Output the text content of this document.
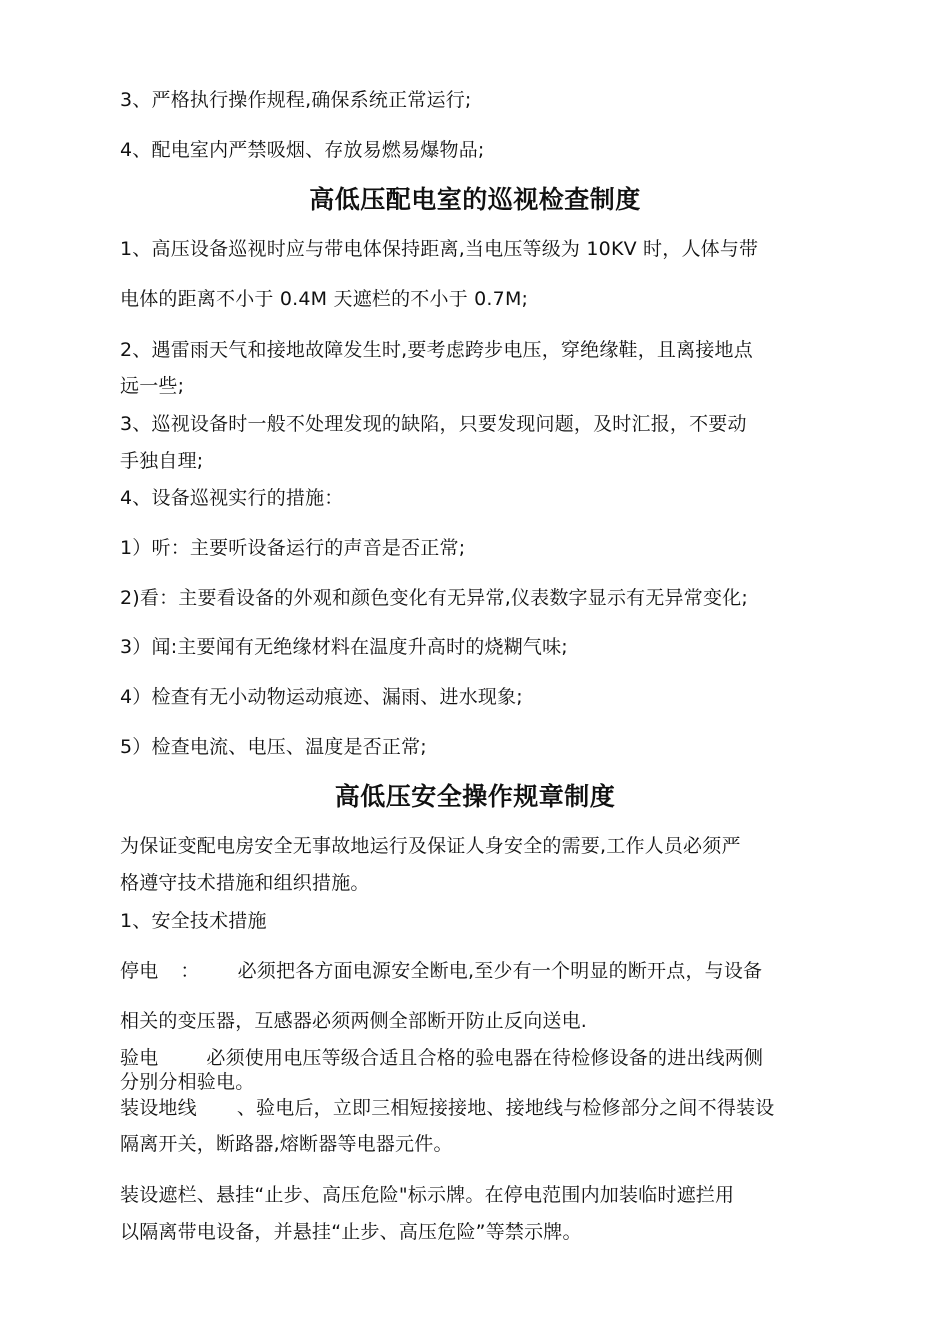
3、严格执行操作规程,确保系统正常运行;
4、配电室内严禁吸烟、存放易燃易爆物品;
高低压配电室的巡视检查制度
1、高压设备巡视时应与带电体保持距离,当电压等级为 10KV 时，人体与带
电体的距离不小于 0.4M 天遮栏的不小于 0.7M;
2、遇雷雨天气和接地故障发生时,要考虑跨步电压，穿绝缘鞋，且离接地点
远一些;
3、巡视设备时一般不处理发现的缺陷，只要发现问题，及时汇报，不要动
手独自理;
4、设备巡视实行的措施：
1）听：主要听设备运行的声音是否正常;
2)看：主要看设备的外观和颜色变化有无异常,仪表数字显示有无异常变化;
3）闻:主要闻有无绝缘材料在温度升高时的烧糊气味;
4）检查有无小动物运动痕迹、漏雨、进水现象;
5）检查电流、电压、温度是否正常;
高低压安全操作规章制度
为保证变配电房安全无事故地运行及保证人身安全的需要,工作人员必须严
格遵守技术措施和组织措施。
1、安全技术措施
停电 ： 必须把各方面电源安全断电,至少有一个明显的断开点，与设备
相关的变压器，互感器必须两侧全部断开防止反向送电.
验电	必须使用电压等级合适且合格的验电器在待检修设备的进出线两侧
分别分相验电。
装设地线 、验电后，立即三相短接接地、接地线与检修部分之间不得装设
隔离开关，断路器,熔断器等电器元件。
装设遮栏、悬挂“止步、高压危险"标示牌。在停电范围内加装临时遮拦用
以隔离带电设备，并悬挂“止步、高压危险”等禁示牌。
